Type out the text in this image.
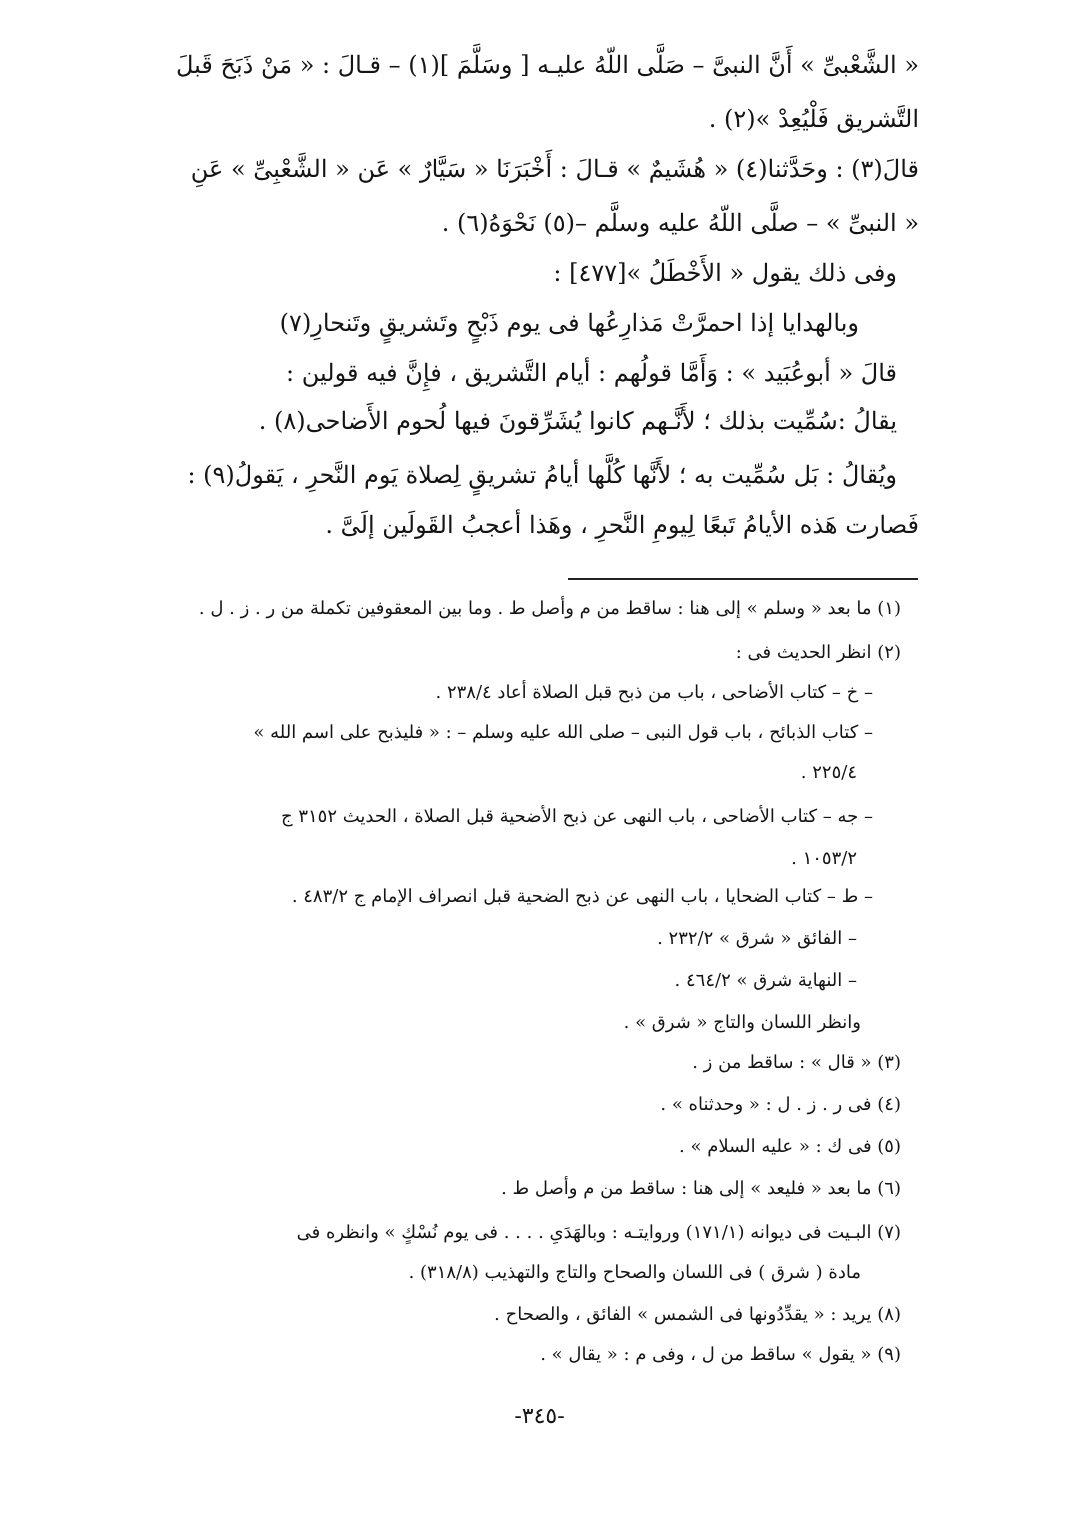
« الشَّعْبىِّ » أَنَّ النبىَّ – صَلَّى اللّهُ عليـه [ وسَلَّمَ ](١) – قـالَ : « مَنْ ذَبَحَ قَبلَ
التَّشريق فَلْيُعِدْ »(٢) .
قالَ(٣) : وحَدَّثنا(٤) « هُشَيمٌ » قـالَ : أَخْبَرَنَا « سَيَّارٌ » عَن « الشَّعْبِىِّ » عَنِ
« النبىِّ » – صلَّى اللّهُ عليه وسلَّم –(٥) نَحْوَهُ(٦) .
وفى ذلك يقول « الأَخْطَلُ »[٤٧٧] :
وبالهدايا إذا احمرَّتْ مَذارِعُها فى يوم ذَبْحٍ وتَشريقٍ وتَنحارِ(٧)
قالَ « أبوعُبَيد » : وَأَمَّا قولُهم : أيام التَّشريق ، فإِنَّ فيه قولين :
يقالُ :سُمِّيت بذلك ؛ لأَنَّـهم كانوا يُشَرِّقونَ فيها لُحوم الأَضاحى(٨) .
ويُقالُ : بَل سُمِّيت به ؛ لأَنَّها كُلَّها أيامُ تشريقٍ لِصلاة يَوم النَّحرِ ، يَقولُ(٩) :
فَصارت هَذه الأيامُ تَبعًا لِيومِ النَّحرِ ، وهَذا أعجبُ القَولَين إلَىَّ .
(١) ما بعد « وسلم » إلى هنا : ساقط من م وأصل ط . وما بين المعقوفين تكملة من ر . ز . ل .
(٢) انظر الحديث فى :
– خ – كتاب الأضاحى ، باب من ذبح قبل الصلاة أعاد ٢٣٨/٤ .
– كتاب الذبائح ، باب قول النبى – صلى الله عليه وسلم – : « فليذبح على اسم الله »
٢٢٥/٤ .
– جه – كتاب الأضاحى ، باب النهى عن ذبح الأضحية قبل الصلاة ، الحديث ٣١٥٢ ج
١٠٥٣/٢ .
– ط – كتاب الضحايا ، باب النهى عن ذبح الضحية قبل انصراف الإمام ج ٤٨٣/٢ .
– الفائق « شرق » ٢٣٢/٢ .
– النهاية شرق » ٤٦٤/٢ .
وانظر اللسان والتاج « شرق » .
(٣) « قال » : ساقط من ز .
(٤) فى ر . ز . ل : « وحدثناه » .
(٥) فى ك : « عليه السلام » .
(٦) ما بعد « فليعد » إلى هنا : ساقط من م وأصل ط .
(٧) البـيت فى ديوانه (١٧١/١) وروايتـه : وبالهَدَىِ . . . . فى يوم نُسْكٍ » وانظره فى
مادة ( شرق ) فى اللسان والصحاح والتاج والتهذيب (٣١٨/٨) .
(٨) يريد : « يقدِّدُونها فى الشمس » الفائق ، والصحاح .
(٩) « يقول » ساقط من ل ، وفى م : « يقال » .
-٣٤٥-
